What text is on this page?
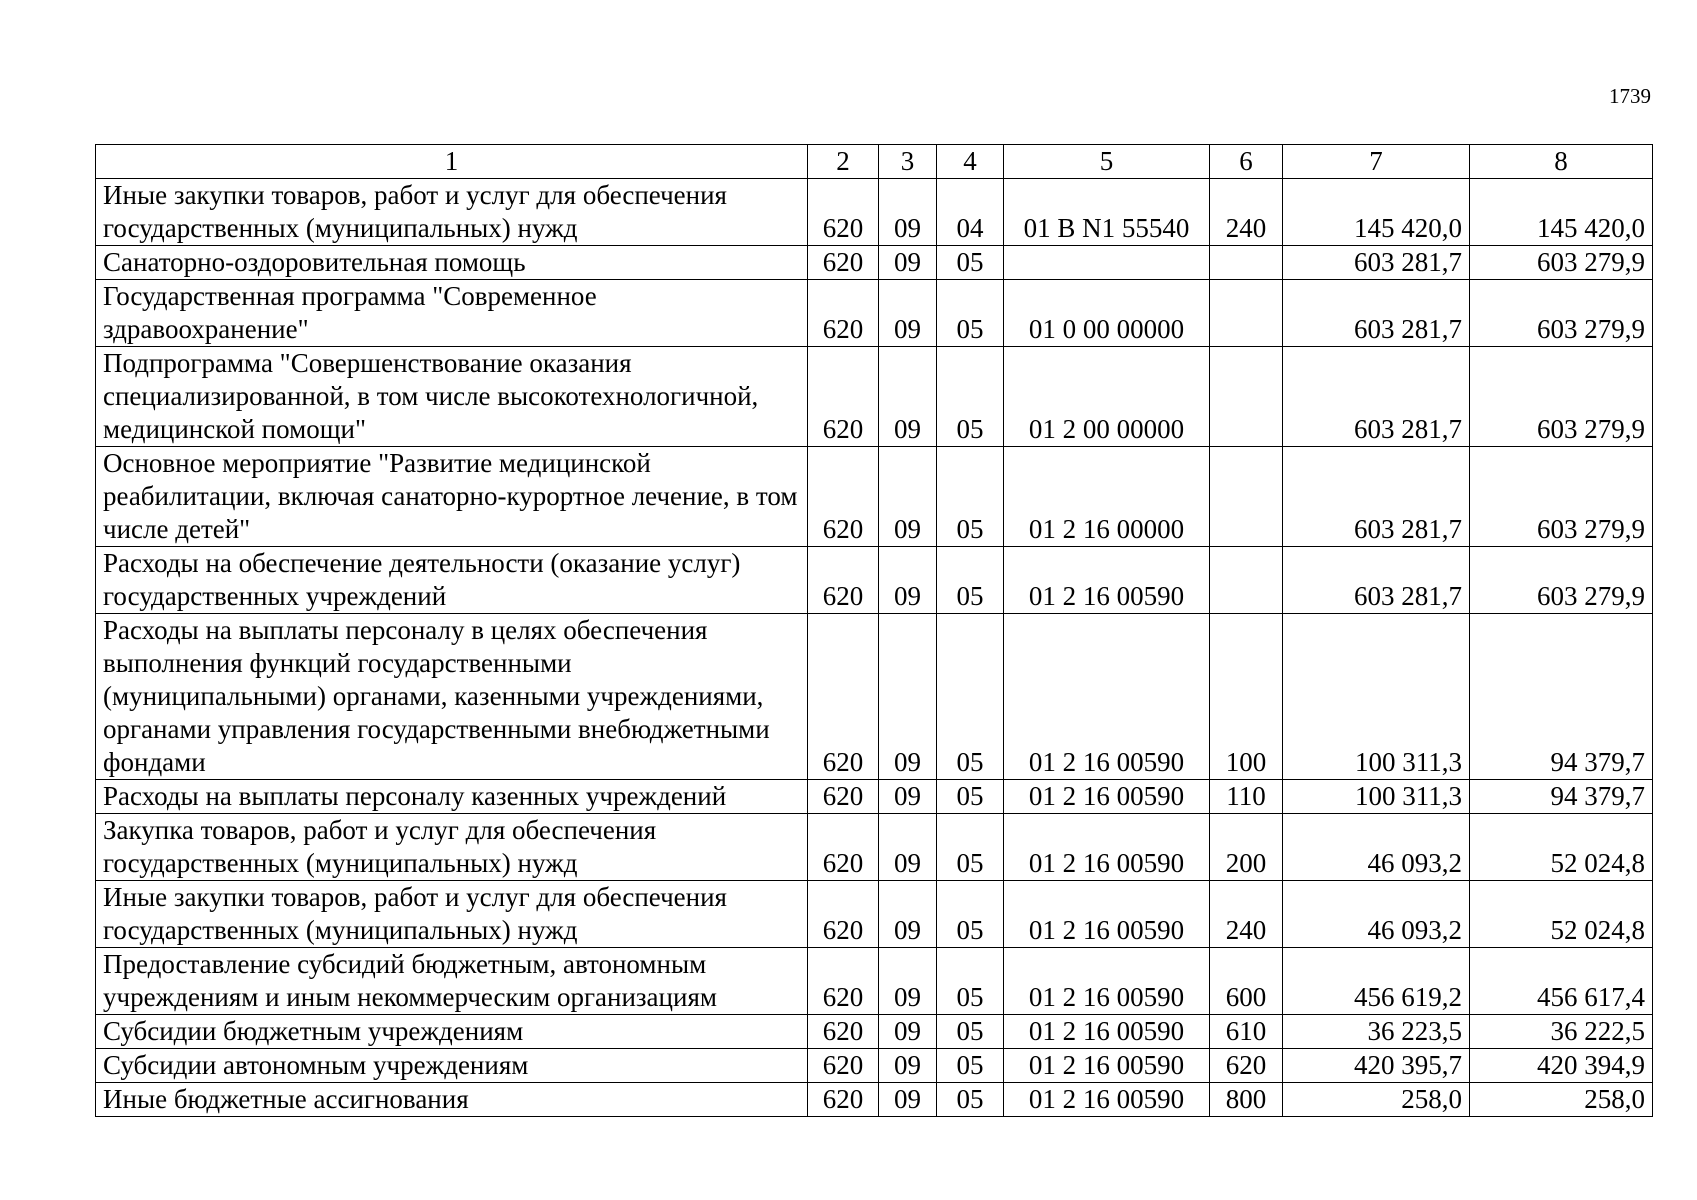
1739
1	2	3	4	5	6	7	8
Иные закупки товаров, работ и услуг для обеспечения государственных (муниципальных) нужд	620	09	04	01 В N1 55540	240	145 420,0	145 420,0
Санаторно-оздоровительная помощь	620	09	05			603 281,7	603 279,9
Государственная программа "Современное здравоохранение"	620	09	05	01 0 00 00000		603 281,7	603 279,9
Подпрограмма "Совершенствование оказания специализированной, в том числе высокотехнологичной, медицинской помощи"	620	09	05	01 2 00 00000		603 281,7	603 279,9
Основное мероприятие "Развитие медицинской реабилитации, включая санаторно-курортное лечение, в том числе детей"	620	09	05	01 2 16 00000		603 281,7	603 279,9
Расходы на обеспечение деятельности (оказание услуг) государственных учреждений	620	09	05	01 2 16 00590		603 281,7	603 279,9
Расходы на выплаты персоналу в целях обеспечения выполнения функций государственными (муниципальными) органами, казенными учреждениями, органами управления государственными внебюджетными фондами	620	09	05	01 2 16 00590	100	100 311,3	94 379,7
Расходы на выплаты персоналу казенных учреждений	620	09	05	01 2 16 00590	110	100 311,3	94 379,7
Закупка товаров, работ и услуг для обеспечения государственных (муниципальных) нужд	620	09	05	01 2 16 00590	200	46 093,2	52 024,8
Иные закупки товаров, работ и услуг для обеспечения государственных (муниципальных) нужд	620	09	05	01 2 16 00590	240	46 093,2	52 024,8
Предоставление субсидий бюджетным, автономным учреждениям и иным некоммерческим организациям	620	09	05	01 2 16 00590	600	456 619,2	456 617,4
Субсидии бюджетным учреждениям	620	09	05	01 2 16 00590	610	36 223,5	36 222,5
Субсидии автономным учреждениям	620	09	05	01 2 16 00590	620	420 395,7	420 394,9
Иные бюджетные ассигнования	620	09	05	01 2 16 00590	800	258,0	258,0
